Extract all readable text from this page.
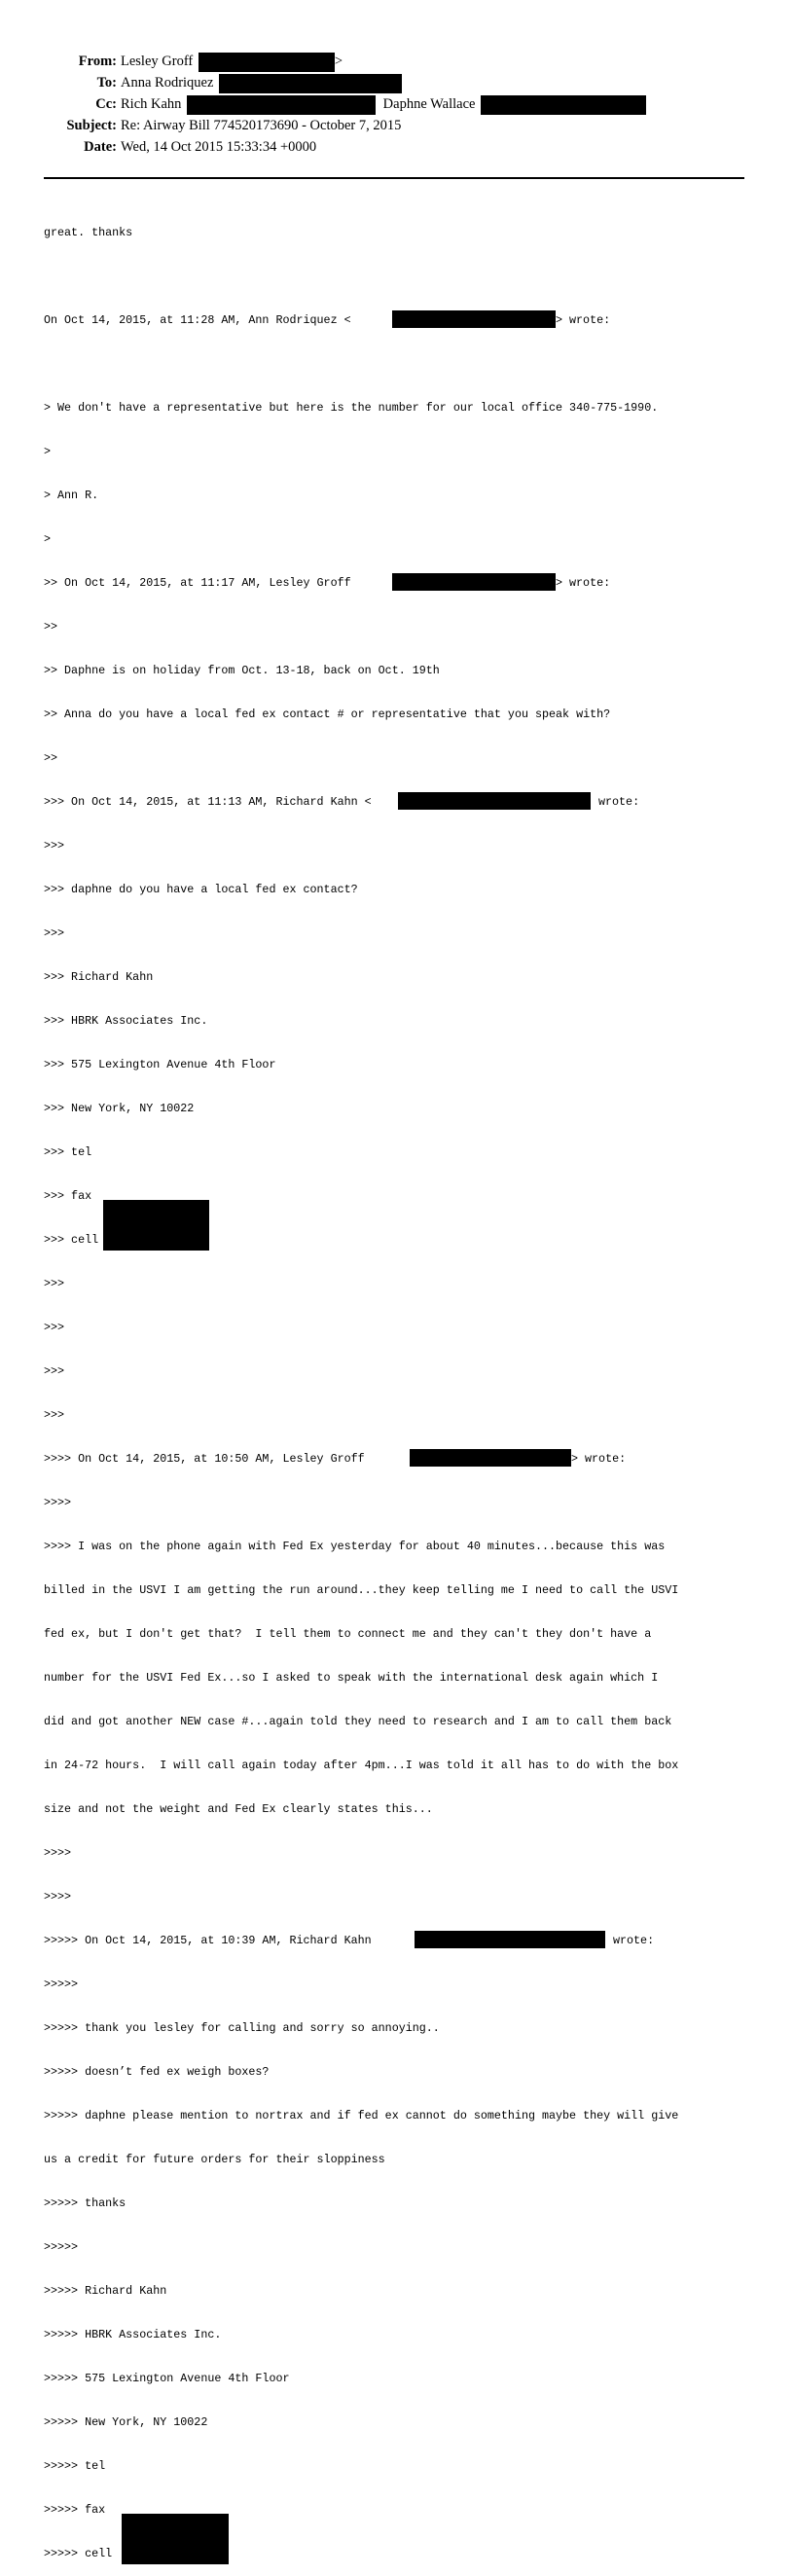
From: Lesley Groff	>
To: Anna Rodriquez
Cc: Rich Kahn	Daphne Wallace
Subject: Re: Airway Bill 774520173690 - October 7, 2015
Date: Wed, 14 Oct 2015 15:33:34 +0000

great. thanks

On Oct 14, 2015, at 11:28 AM, Ann Rodriquez <	> wrote:

> We don't have a representative but here is the number for our local office 340-775-1990.

>

> Ann R.

>

>> On Oct 14, 2015, at 11:17 AM, Lesley Groff	> wrote:

>>

>> Daphne is on holiday from Oct. 13-18, back on Oct. 19th

>> Anna do you have a local fed ex contact # or representative that you speak with?

>>

>>> On Oct 14, 2015, at 11:13 AM, Richard Kahn <	wrote:

>>>

>>> daphne do you have a local fed ex contact?

>>>

>>> Richard Kahn

>>> HBRK Associates Inc.

>>> 575 Lexington Avenue 4th Floor

>>> New York, NY 10022

>>> tel

>>> fax

>>> cell

>>>

>>>

>>>

>>>

>>>> On Oct 14, 2015, at 10:50 AM, Lesley Groff	> wrote:

>>>>

>>>> I was on the phone again with Fed Ex yesterday for about 40 minutes...because this was

billed in the USVI I am getting the run around...they keep telling me I need to call the USVI

fed ex, but I don't get that?  I tell them to connect me and they can't they don't have a

number for the USVI Fed Ex...so I asked to speak with the international desk again which I

did and got another NEW case #...again told they need to research and I am to call them back

in 24-72 hours.  I will call again today after 4pm...I was told it all has to do with the box

size and not the weight and Fed Ex clearly states this...

>>>>

>>>>

>>>>> On Oct 14, 2015, at 10:39 AM, Richard Kahn	wrote:

>>>>>

>>>>> thank you lesley for calling and sorry so annoying..

>>>>> doesn’t fed ex weigh boxes?

>>>>> daphne please mention to nortrax and if fed ex cannot do something maybe they will give

us a credit for future orders for their sloppiness

>>>>> thanks

>>>>>

>>>>> Richard Kahn

>>>>> HBRK Associates Inc.

>>>>> 575 Lexington Avenue 4th Floor

>>>>> New York, NY 10022

>>>>> tel

>>>>> fax

>>>>> cell
